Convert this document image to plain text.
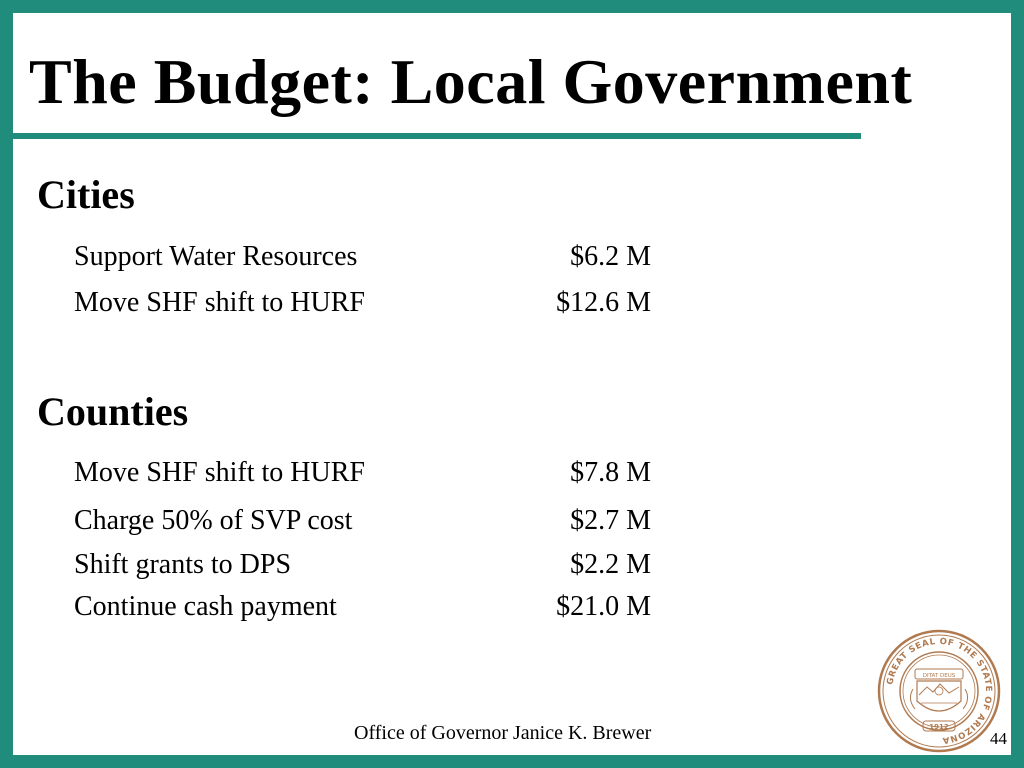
The Budget: Local Government
Cities
Support Water Resources	$6.2 M
Move SHF shift to HURF	$12.6 M
Counties
Move SHF shift to HURF	$7.8 M
Charge 50% of SVP cost	$2.7 M
Shift grants to DPS	$2.2 M
Continue cash payment	$21.0 M
GREAT SEAL OF THE STATE OF ARIZONA
DITAT DEUS
1912
Office of Governor Janice K. Brewer	44
